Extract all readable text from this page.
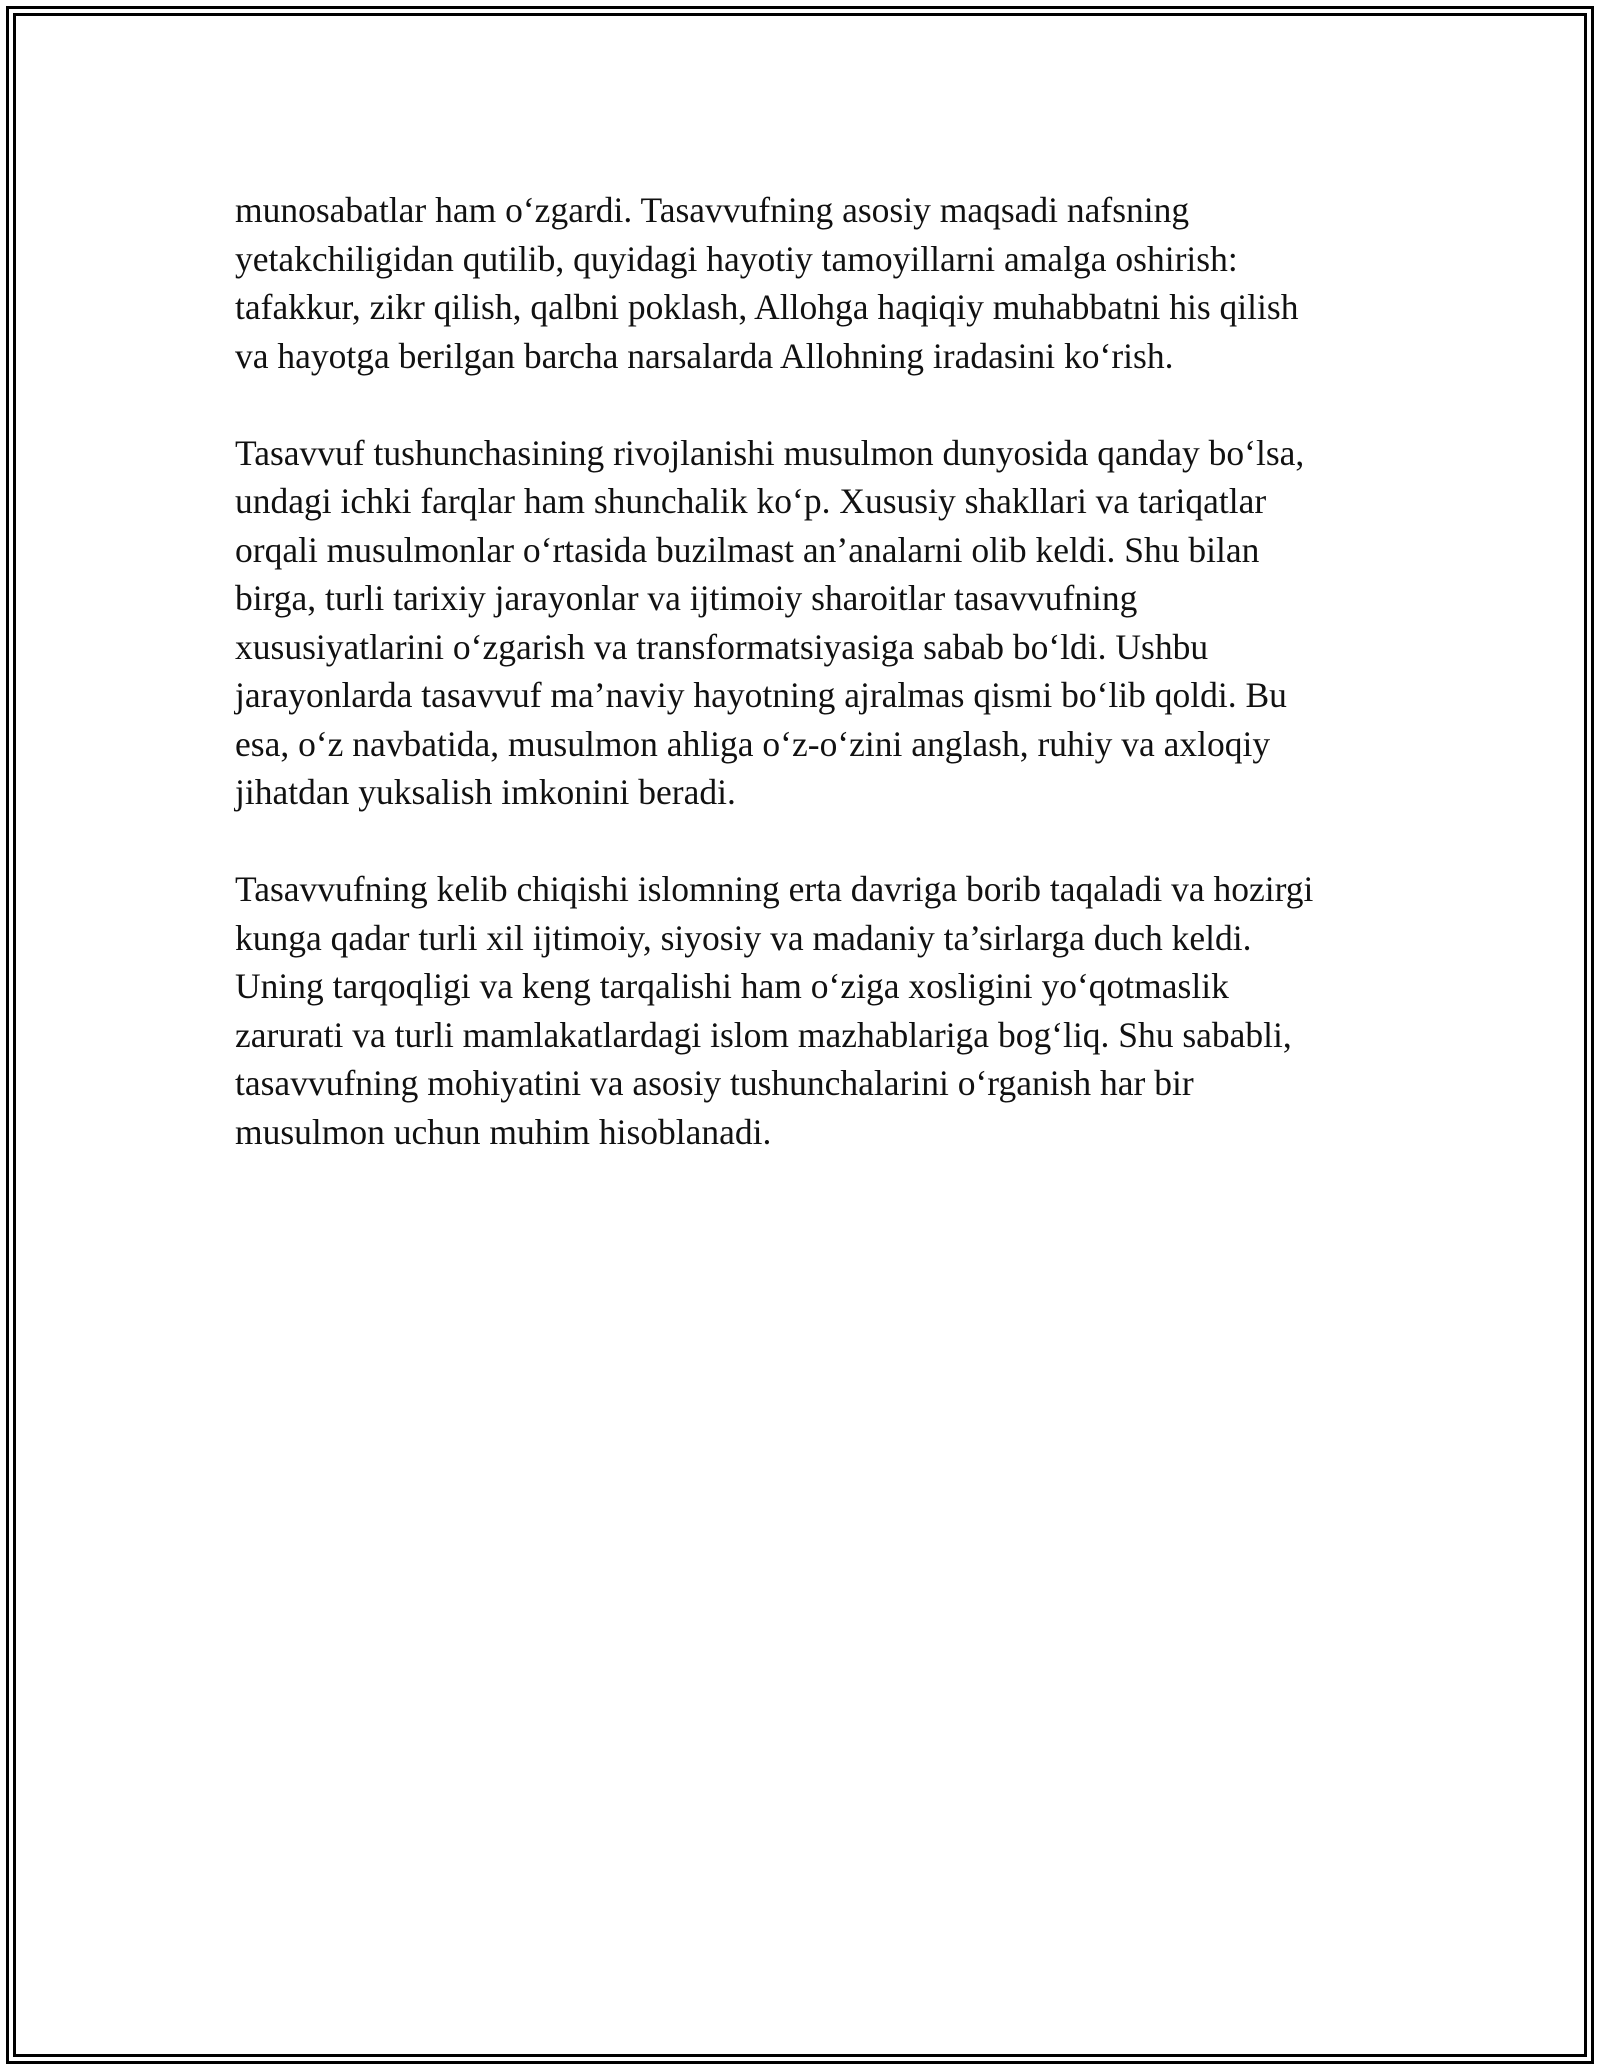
munosabatlar ham o‘zgardi. Tasavvufning asosiy maqsadi nafsning
yetakchiligidan qutilib, quyidagi hayotiy tamoyillarni amalga oshirish:
tafakkur, zikr qilish, qalbni poklash, Allohga haqiqiy muhabbatni his qilish
va hayotga berilgan barcha narsalarda Allohning iradasini ko‘rish.

Tasavvuf tushunchasining rivojlanishi musulmon dunyosida qanday bo‘lsa,
undagi ichki farqlar ham shunchalik ko‘p. Xususiy shakllari va tariqatlar
orqali musulmonlar o‘rtasida buzilmast an’analarni olib keldi. Shu bilan
birga, turli tarixiy jarayonlar va ijtimoiy sharoitlar tasavvufning
xususiyatlarini o‘zgarish va transformatsiyasiga sabab bo‘ldi. Ushbu
jarayonlarda tasavvuf ma’naviy hayotning ajralmas qismi bo‘lib qoldi. Bu
esa, o‘z navbatida, musulmon ahliga o‘z-o‘zini anglash, ruhiy va axloqiy
jihatdan yuksalish imkonini beradi.

Tasavvufning kelib chiqishi islomning erta davriga borib taqaladi va hozirgi
kunga qadar turli xil ijtimoiy, siyosiy va madaniy ta’sirlarga duch keldi.
Uning tarqoqligi va keng tarqalishi ham o‘ziga xosligini yo‘qotmaslik
zarurati va turli mamlakatlardagi islom mazhablariga bog‘liq. Shu sababli,
tasavvufning mohiyatini va asosiy tushunchalarini o‘rganish har bir
musulmon uchun muhim hisoblanadi.
